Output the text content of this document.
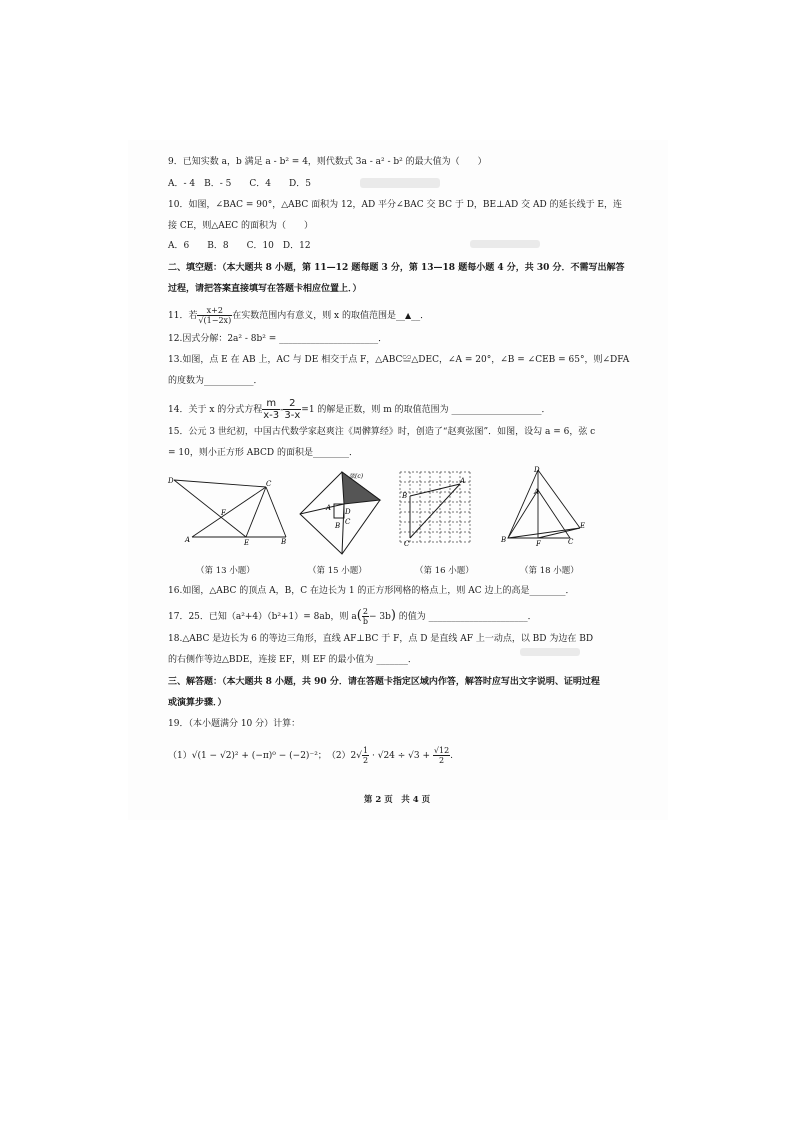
9．已知实数 a，b 满足 a - b² = 4，则代数式 3a - a² - b² 的最大值为（　　）
A．- 4　B．- 5　　C．4　　D．5
10．如图，∠BAC = 90°，△ABC 面积为 12，AD 平分∠BAC 交 BC 于 D，BE⊥AD 交 AD 的延长线于 E，连
接 CE，则△AEC 的面积为（　　）
A．6　　B．8　　C．10　D．12
二、填空题：（本大题共 8 小题，第 11—12 题每题 3 分，第 13—18 题每小题 4 分，共 30 分．不需写出解答
过程，请把答案直接填写在答题卡相应位置上．）
11．若 $\frac{x+2}{√(1-2x)}$ 在实数范围内有意义，则 x 的取值范围是__▲__．
12.因式分解：2a² - 8b² = ______________________．
13.如图，点 E 在 AB 上，AC 与 DE 相交于点 F，△ABC≌△DEC，∠A = 20°，∠B = ∠CEB = 65°，则∠DFA
的度数为___________．
14．关于 x 的分式方程 $\frac{m}{x-3} - \frac{2}{3-x} =1$ 的解是正数，则 m 的取值范围为 ____________________．
15．公元 3 世纪初，中国古代数学家赵爽注《周髀算经》时，创造了“赵爽弦图”．如图，设勾 a = 6，弦 c
= 10，则小正方形 ABCD 的面积是________．
D	C
F
A	E	B
弦(c)
A
B
D
C
B
A
C
D
A
B	F	C
E
（第 13 小题）	（第 15 小题）	（第 16 小题）	（第 18 小题）
16.如图，△ABC 的顶点 A，B，C 在边长为 1 的正方形网格的格点上，则 AC 边上的高是________．
17．25．已知（a²+4）（b²+1）= 8ab，则 $a( \frac{2}{b} - 3b)$ 的值为 ______________________．
18.△ABC 是边长为 6 的等边三角形，直线 AF⊥BC 于 F，点 D 是直线 AF 上一动点，以 BD 为边在 BD
的右侧作等边△BDE，连接 EF，则 EF 的最小值为 _______．
三、解答题：（本大题共 8 小题，共 90 分．请在答题卡指定区域内作答，解答时应写出文字说明、证明过程
或演算步骤．）
19．（本小题满分 10 分）计算：
（1）√(1 − √2)² + (−π)⁰ − (−2)⁻²；　 $(2)2√ \frac{1}{2} \cdot √24 \div √3 + \frac{√12}{2}$ .
第 2 页　共 4 页
